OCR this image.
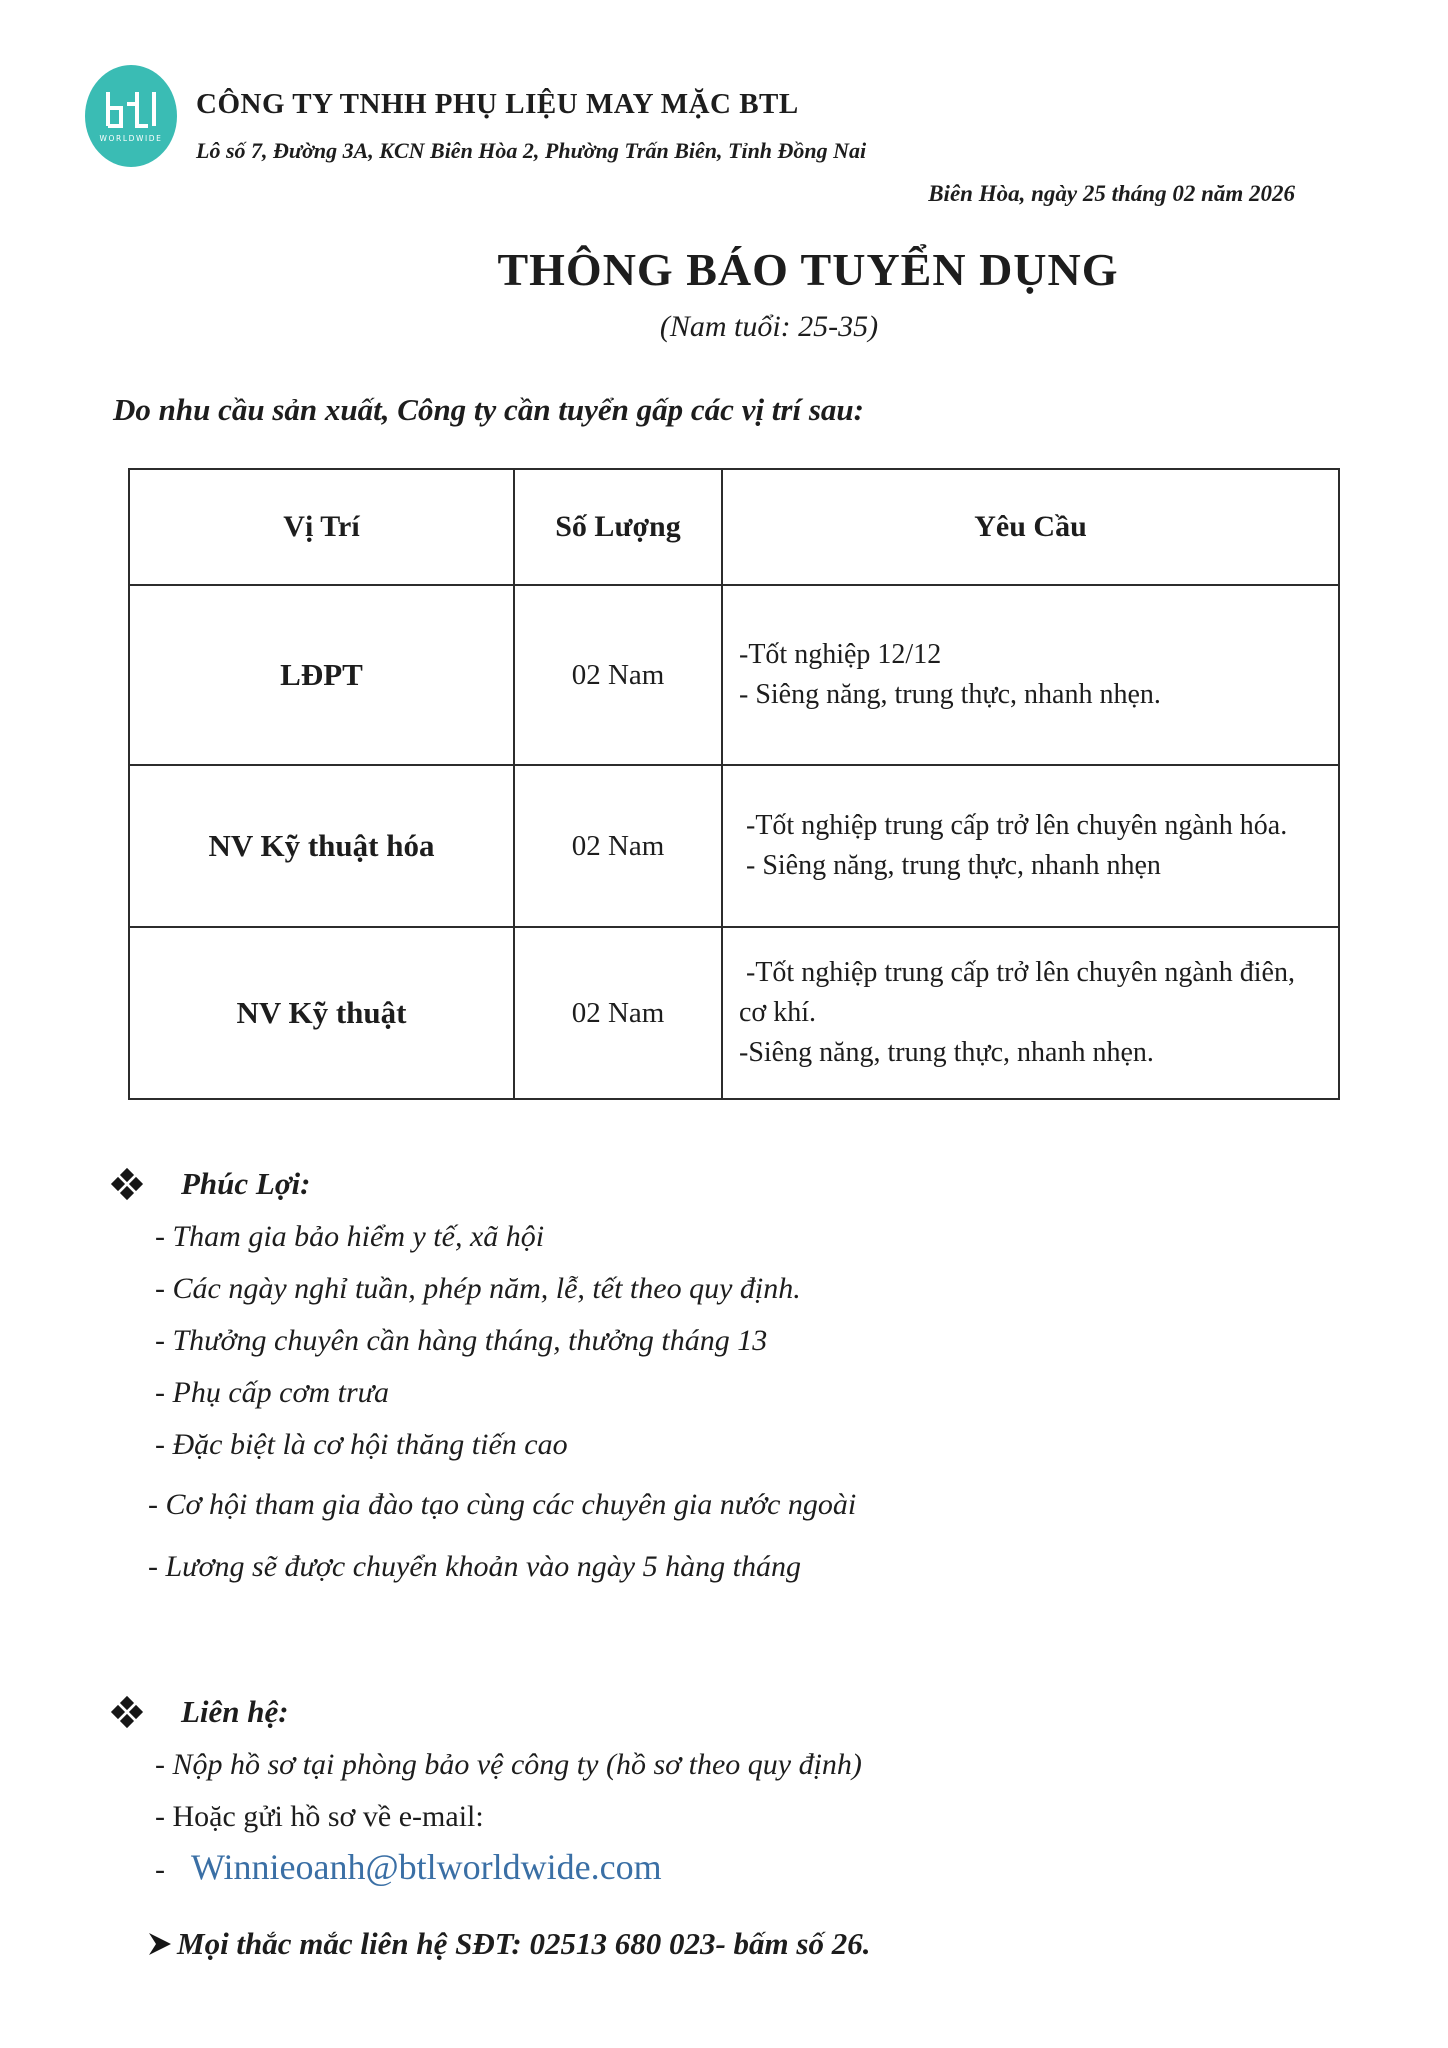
WORLDWIDE
CÔNG TY TNHH PHỤ LIỆU MAY MẶC BTL
Lô số 7, Đường 3A, KCN Biên Hòa 2, Phường Trấn Biên, Tỉnh Đồng Nai
Biên Hòa, ngày 25 tháng 02 năm 2026
THÔNG BÁO TUYỂN DỤNG
(Nam tuổi: 25-35)
Do nhu cầu sản xuất, Công ty cần tuyển gấp các vị trí sau:
Vị Trí	Số Lượng	Yêu Cầu
LĐPT	02 Nam	-Tốt nghiệp 12/12
- Siêng năng, trung thực, nhanh nhẹn.

NV Kỹ thuật hóa	02 Nam	-Tốt nghiệp trung cấp trở lên chuyên ngành hóa.
- Siêng năng, trung thực, nhanh nhẹn

NV Kỹ thuật	02 Nam	-Tốt nghiệp trung cấp trở lên chuyên ngành điên, cơ khí.
-Siêng năng, trung thực, nhanh nhẹn.
Phúc Lợi:
- Tham gia bảo hiểm y tế, xã hội
- Các ngày nghỉ tuần, phép năm, lễ, tết theo quy định.
- Thưởng chuyên cần hàng tháng, thưởng tháng 13
- Phụ cấp cơm trưa
- Đặc biệt là cơ hội thăng tiến cao
- Cơ hội tham gia đào tạo cùng các chuyên gia nước ngoài
- Lương sẽ được chuyển khoản vào ngày 5 hàng tháng
Liên hệ:
- Nộp hồ sơ tại phòng bảo vệ công ty (hồ sơ theo quy định)
- Hoặc gửi hồ sơ về e-mail:
- Winnieoanh@btlworldwide.com
Mọi thắc mắc liên hệ SĐT: 02513 680 023- bấm số 26.
